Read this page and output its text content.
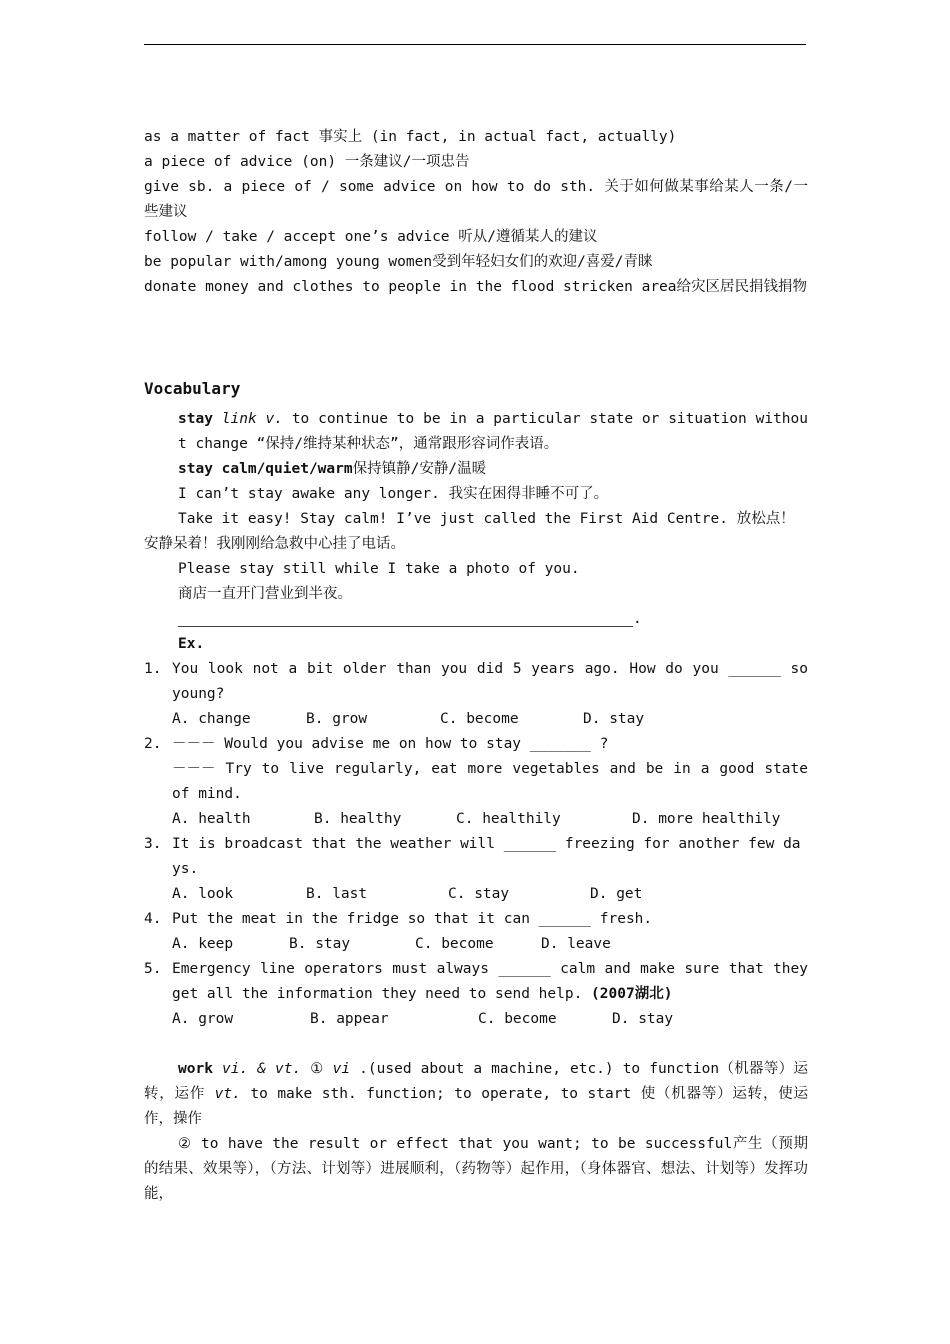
as a matter of fact 事实上 (in fact, in actual fact, actually)
a piece of advice (on) 一条建议/一项忠告
give sb. a piece of / some advice on how to do sth. 关于如何做某事给某人一条/一些建议
follow / take / accept one’s advice 听从/遵循某人的建议
be popular with/among young women受到年轻妇女们的欢迎/喜爱/青睐
donate money and clothes to people in the flood stricken area给灾区居民捐钱捐物
Vocabulary
stay link v. to continue to be in a particular state or situation without change “保持/维持某种状态”，通常跟形容词作表语。
stay calm/quiet/warm保持镇静/安静/温暖
I can’t stay awake any longer. 我实在困得非睡不可了。
Take it easy! Stay calm! I’ve just called the First Aid Centre. 放松点！安静呆着！我刚刚给急救中心挂了电话。
Please stay still while I take a photo of you.
商店一直开门营业到半夜。
.
Ex.
1. You look not a bit older than you did 5 years ago. How do you ______ so young?
A. change	B. grow	C. become	D. stay
2. －－－ Would you advise me on how to stay _______ ?
－－－ Try to live regularly, eat more vegetables and be in a good state of mind.
A. health	B. healthy	C. healthily	D. more healthily
3. It is broadcast that the weather will ______ freezing for another few days.
A. look	B. last	C. stay	D. get
4. Put the meat in the fridge so that it can ______ fresh.
A. keep	B. stay	C. become	D. leave
5. Emergency line operators must always ______ calm and make sure that they get all the information they need to send help. (2007湖北)
A. grow	B. appear	C. become	D. stay
work vi. & vt. ① vi .(used about a machine, etc.) to function（机器等）运转，运作 vt. to make sth. function; to operate, to start 使（机器等）运转，使运作，操作
② to have the result or effect that you want; to be successful产生（预期的结果、效果等），（方法、计划等）进展顺利，（药物等）起作用，（身体器官、想法、计划等）发挥功能，
